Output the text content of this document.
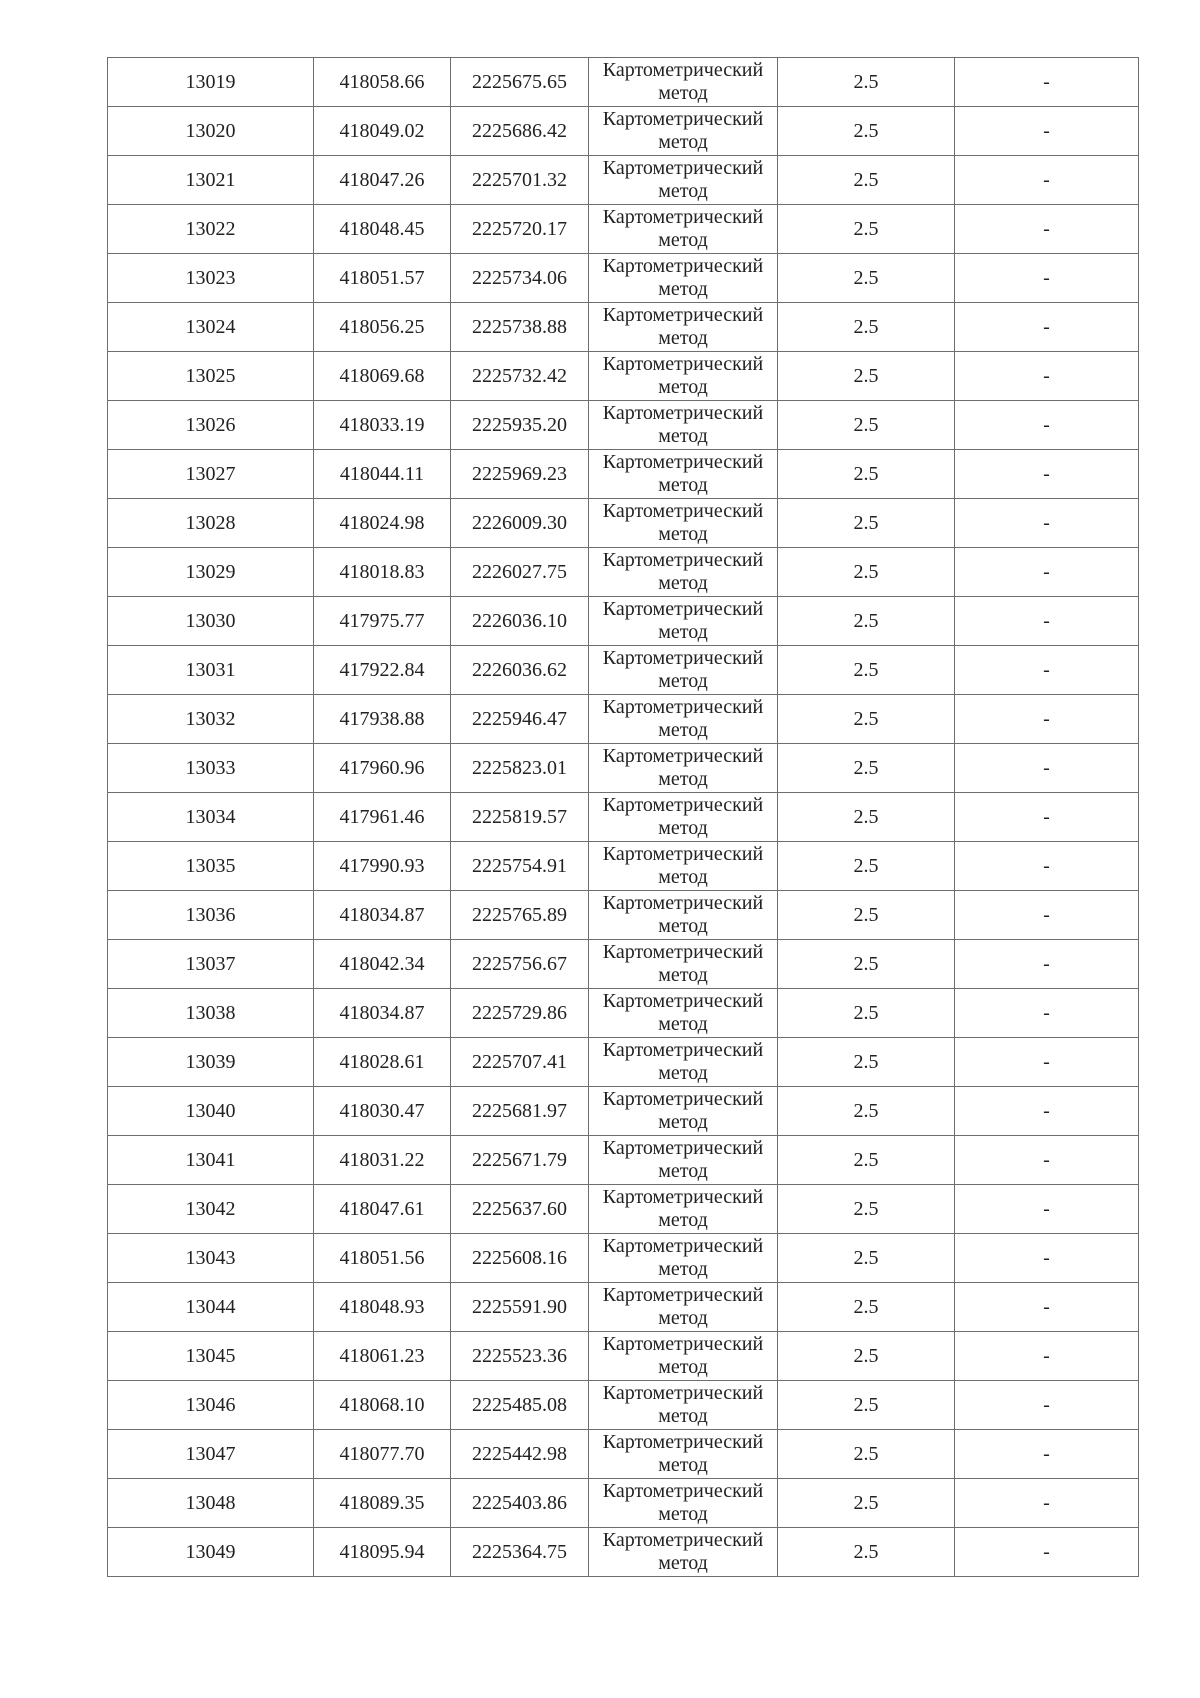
13019	418058.66	2225675.65	Картометрический метод	2.5	-
13020	418049.02	2225686.42	Картометрический метод	2.5	-
13021	418047.26	2225701.32	Картометрический метод	2.5	-
13022	418048.45	2225720.17	Картометрический метод	2.5	-
13023	418051.57	2225734.06	Картометрический метод	2.5	-
13024	418056.25	2225738.88	Картометрический метод	2.5	-
13025	418069.68	2225732.42	Картометрический метод	2.5	-
13026	418033.19	2225935.20	Картометрический метод	2.5	-
13027	418044.11	2225969.23	Картометрический метод	2.5	-
13028	418024.98	2226009.30	Картометрический метод	2.5	-
13029	418018.83	2226027.75	Картометрический метод	2.5	-
13030	417975.77	2226036.10	Картометрический метод	2.5	-
13031	417922.84	2226036.62	Картометрический метод	2.5	-
13032	417938.88	2225946.47	Картометрический метод	2.5	-
13033	417960.96	2225823.01	Картометрический метод	2.5	-
13034	417961.46	2225819.57	Картометрический метод	2.5	-
13035	417990.93	2225754.91	Картометрический метод	2.5	-
13036	418034.87	2225765.89	Картометрический метод	2.5	-
13037	418042.34	2225756.67	Картометрический метод	2.5	-
13038	418034.87	2225729.86	Картометрический метод	2.5	-
13039	418028.61	2225707.41	Картометрический метод	2.5	-
13040	418030.47	2225681.97	Картометрический метод	2.5	-
13041	418031.22	2225671.79	Картометрический метод	2.5	-
13042	418047.61	2225637.60	Картометрический метод	2.5	-
13043	418051.56	2225608.16	Картометрический метод	2.5	-
13044	418048.93	2225591.90	Картометрический метод	2.5	-
13045	418061.23	2225523.36	Картометрический метод	2.5	-
13046	418068.10	2225485.08	Картометрический метод	2.5	-
13047	418077.70	2225442.98	Картометрический метод	2.5	-
13048	418089.35	2225403.86	Картометрический метод	2.5	-
13049	418095.94	2225364.75	Картометрический метод	2.5	-
